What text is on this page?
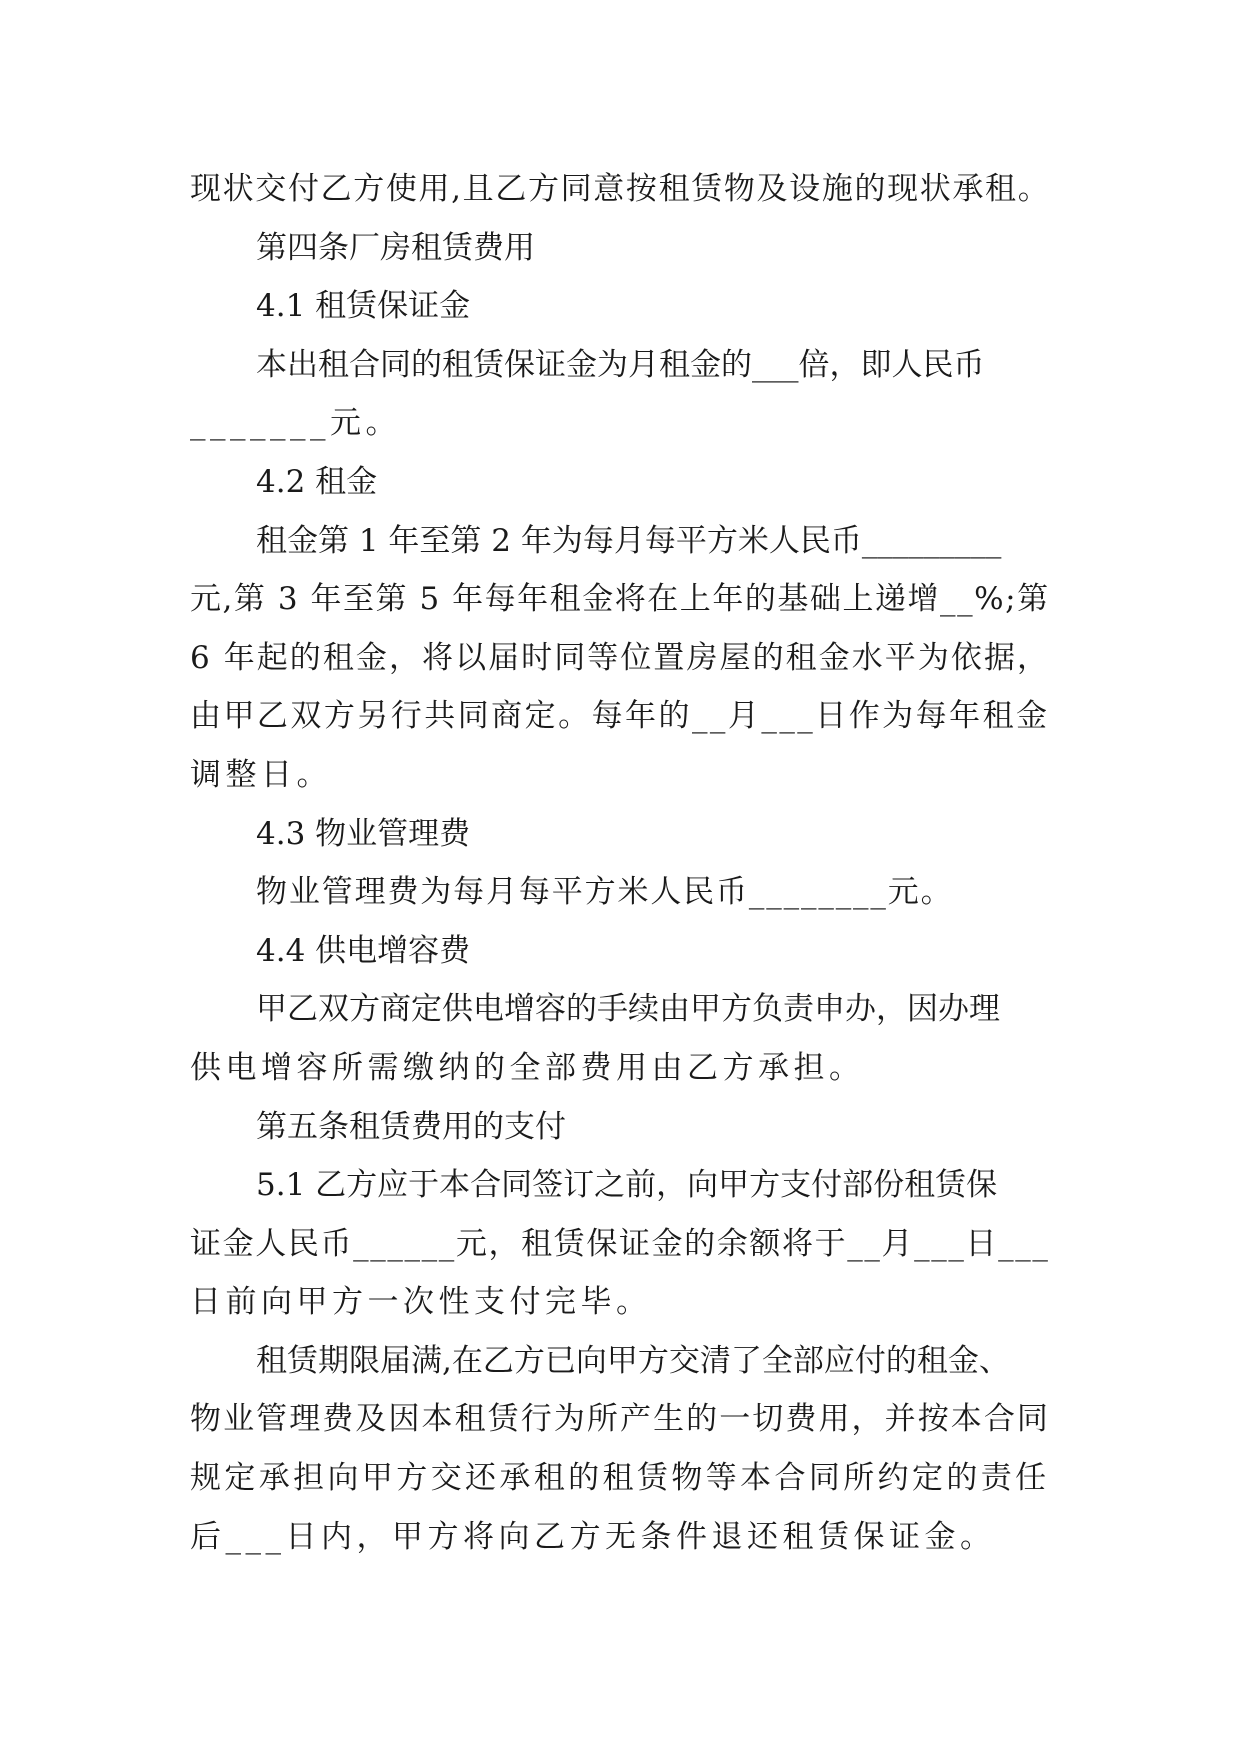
现状交付乙方使用,且乙方同意按租赁物及设施的现状承租。
第四条厂房租赁费用
4.1 租赁保证金
本出租合同的租赁保证金为月租金的___倍，即人民币
_______元。
4.2 租金
租金第 1 年至第 2 年为每月每平方米人民币_________
元,第 3 年至第 5 年每年租金将在上年的基础上递增__%;第
6 年起的租金，将以届时同等位置房屋的租金水平为依据，
由甲乙双方另行共同商定。每年的__月___日作为每年租金
调整日。
4.3 物业管理费
物业管理费为每月每平方米人民币________元。
4.4 供电增容费
甲乙双方商定供电增容的手续由甲方负责申办，因办理
供电增容所需缴纳的全部费用由乙方承担。
第五条租赁费用的支付
5.1 乙方应于本合同签订之前，向甲方支付部份租赁保
证金人民币______元，租赁保证金的余额将于__月___日___
日前向甲方一次性支付完毕。
租赁期限届满,在乙方已向甲方交清了全部应付的租金、
物业管理费及因本租赁行为所产生的一切费用，并按本合同
规定承担向甲方交还承租的租赁物等本合同所约定的责任
后___日内，甲方将向乙方无条件退还租赁保证金。
